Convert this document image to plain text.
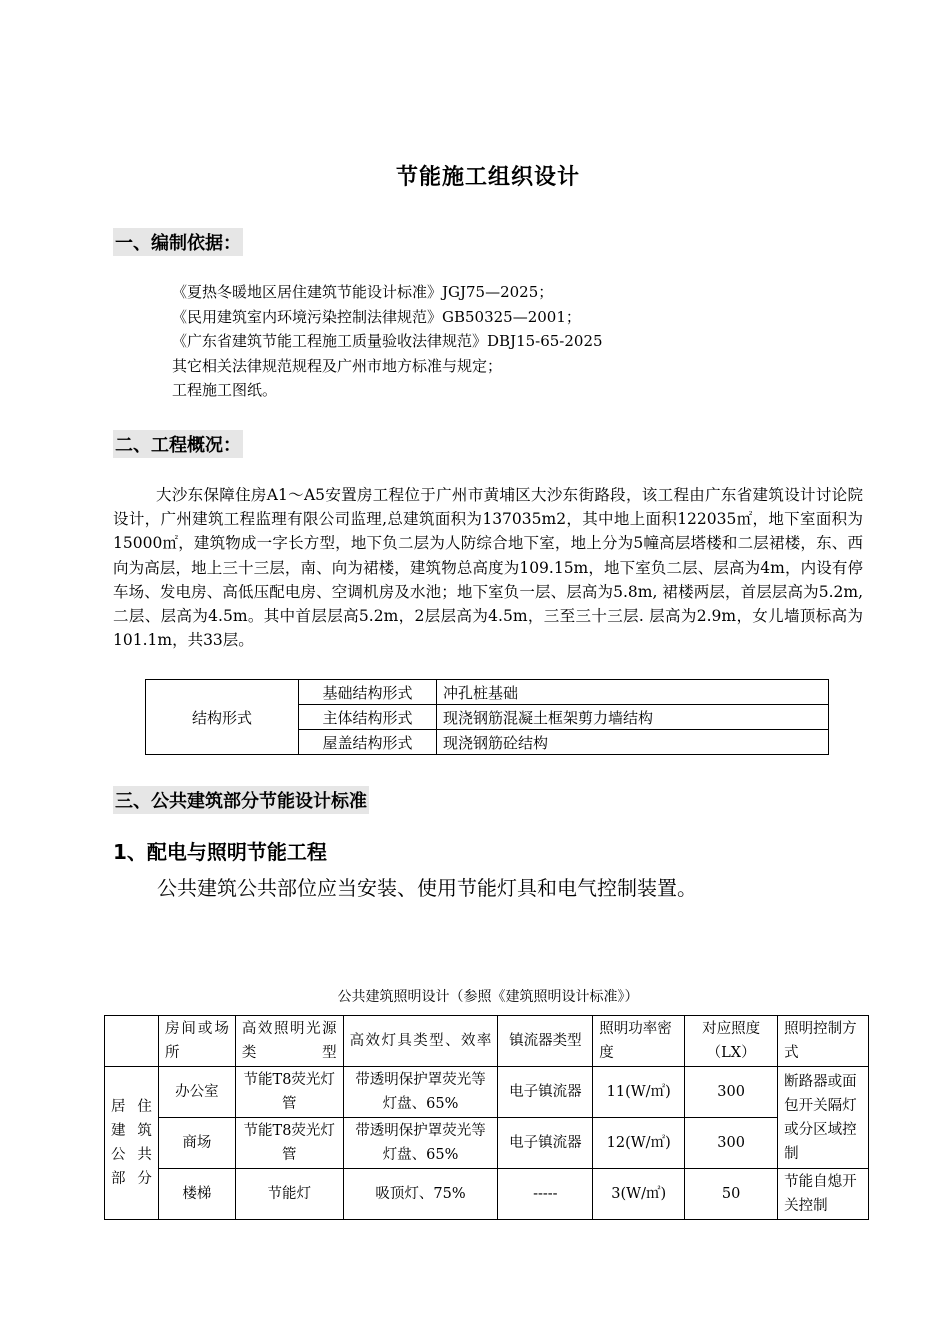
节能施工组织设计
一、编制依据：
《夏热冬暖地区居住建筑节能设计标准》JGJ75—2025；
《民用建筑室内环境污染控制法律规范》GB50325—2001；
《广东省建筑节能工程施工质量验收法律规范》DBJ15-65-2025
其它相关法律规范规程及广州市地方标准与规定；
工程施工图纸。
二、工程概况：
大沙东保障住房A1～A5安置房工程位于广州市黄埔区大沙东街路段，该工程由广东省建筑设计讨论院设计，广州建筑工程监理有限公司监理,总建筑面积为137035m2，其中地上面积122035㎡，地下室面积为15000㎡，建筑物成一字长方型，地下负二层为人防综合地下室，地上分为5幢高层塔楼和二层裙楼，东、西向为高层，地上三十三层，南、向为裙楼，建筑物总高度为109.15m，地下室负二层、层高为4m，内设有停车场、发电房、高低压配电房、空调机房及水池；地下室负一层、层高为5.8m, 裙楼两层，首层层高为5.2m, 二层、层高为4.5m。其中首层层高5.2m，2层层高为4.5m，三至三十三层. 层高为2.9m，女儿墙顶标高为101.1m，共33层。
结构形式	基础结构形式	冲孔桩基础
	主体结构形式	现浇钢筋混凝土框架剪力墙结构
	屋盖结构形式	现浇钢筋砼结构
三、公共建筑部分节能设计标准
1、配电与照明节能工程
公共建筑公共部位应当安装、使用节能灯具和电气控制装置。
公共建筑照明设计（参照《建筑照明设计标准》）
	房间或场所	高效照明光源类型	高效灯具类型、效率	镇流器类型	照明功率密度	对应照度（LX）	照明控制方式
居住建筑公共部分	办公室	节能T8荧光灯管	带透明保护罩荧光等灯盘、65%	电子镇流器	11(W/㎡)	300	断路器或面包开关隔灯或分区域控制
	商场	节能T8荧光灯管	带透明保护罩荧光等灯盘、65%	电子镇流器	12(W/㎡)	300	
	楼梯	节能灯	吸顶灯、75%	-----	3(W/㎡)	50	节能自熄开关控制
